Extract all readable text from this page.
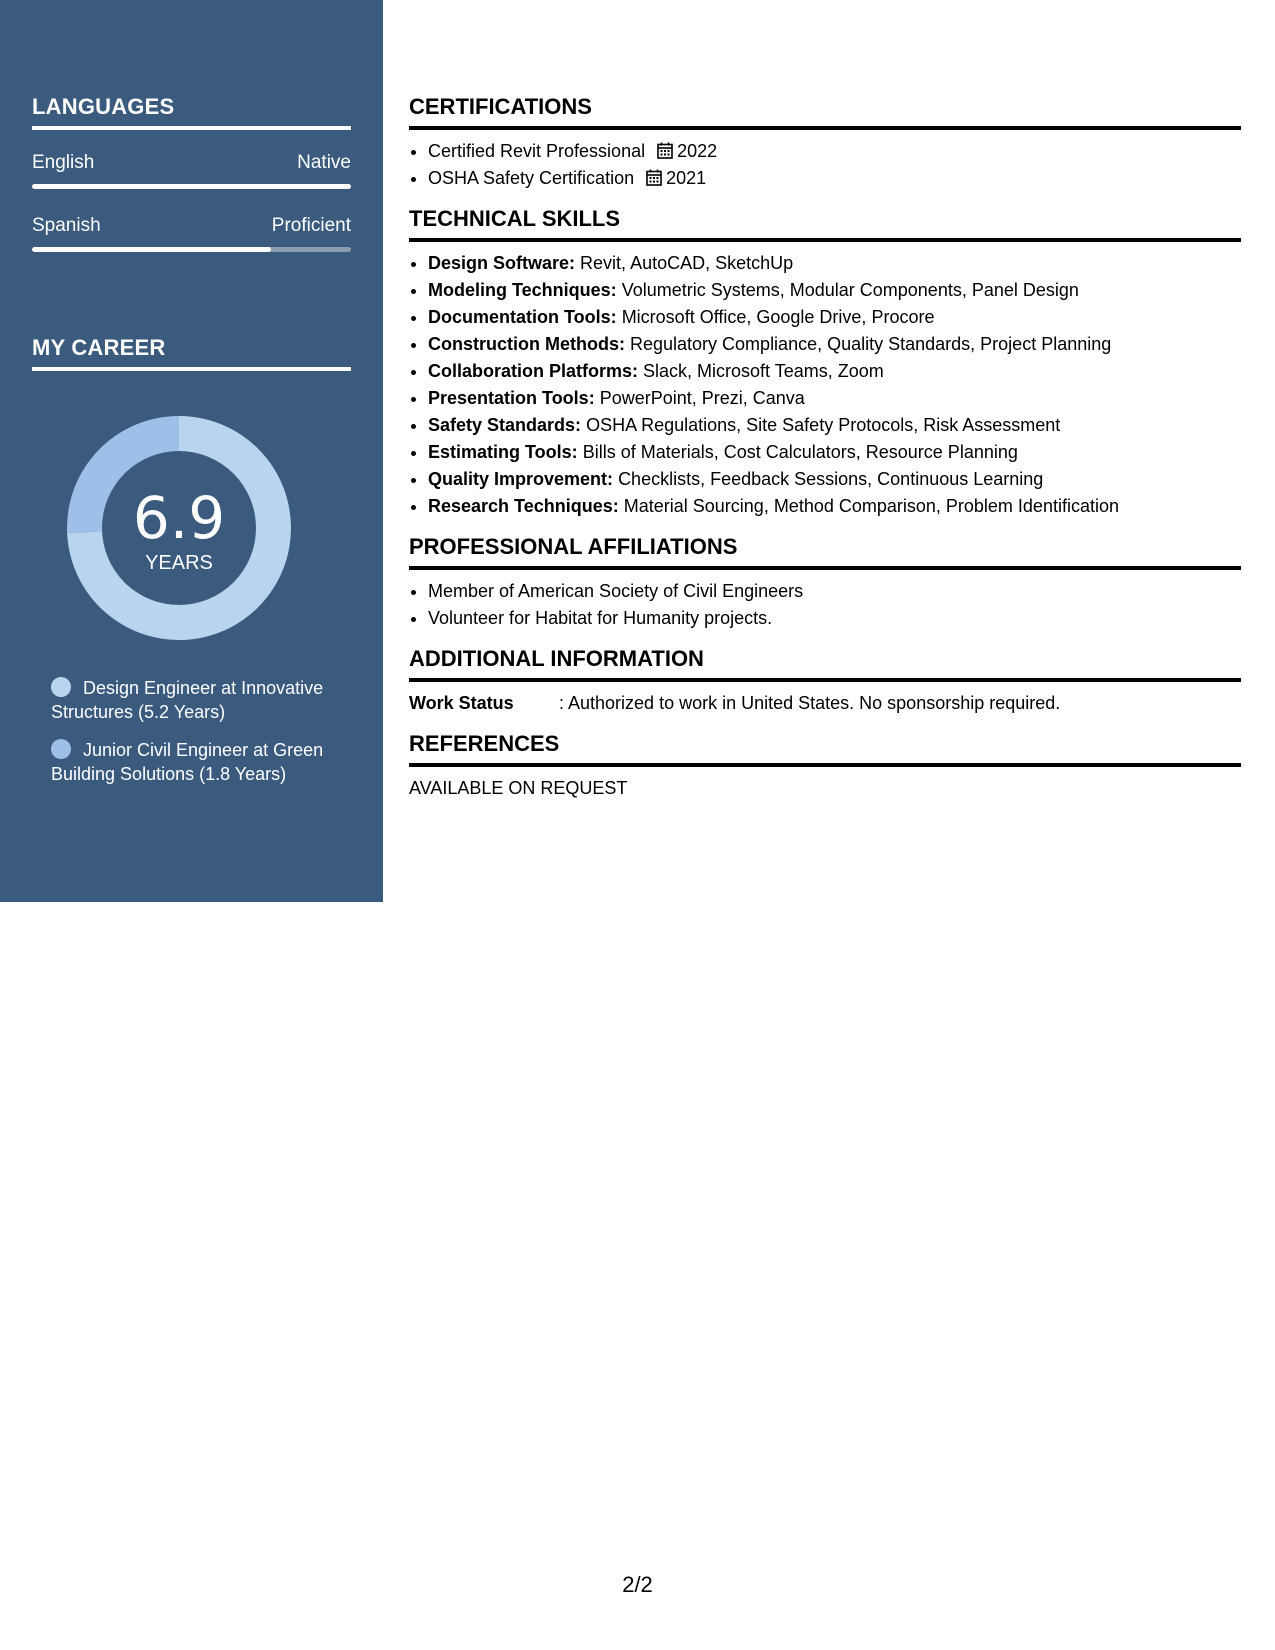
LANGUAGES
English	Native
Spanish	Proficient
MY CAREER
6.9
YEARS
Design Engineer at Innovative Structures (5.2 Years)
Junior Civil Engineer at Green Building Solutions (1.8 Years)
CERTIFICATIONS
• Certified Revit Professional 2022
• OSHA Safety Certification 2021
TECHNICAL SKILLS
• Design Software: Revit, AutoCAD, SketchUp
• Modeling Techniques: Volumetric Systems, Modular Components, Panel Design
• Documentation Tools: Microsoft Office, Google Drive, Procore
• Construction Methods: Regulatory Compliance, Quality Standards, Project Planning
• Collaboration Platforms: Slack, Microsoft Teams, Zoom
• Presentation Tools: PowerPoint, Prezi, Canva
• Safety Standards: OSHA Regulations, Site Safety Protocols, Risk Assessment
• Estimating Tools: Bills of Materials, Cost Calculators, Resource Planning
• Quality Improvement: Checklists, Feedback Sessions, Continuous Learning
• Research Techniques: Material Sourcing, Method Comparison, Problem Identification
PROFESSIONAL AFFILIATIONS
• Member of American Society of Civil Engineers
• Volunteer for Habitat for Humanity projects.
ADDITIONAL INFORMATION
Work Status	: Authorized to work in United States. No sponsorship required.
REFERENCES
AVAILABLE ON REQUEST
2/2
